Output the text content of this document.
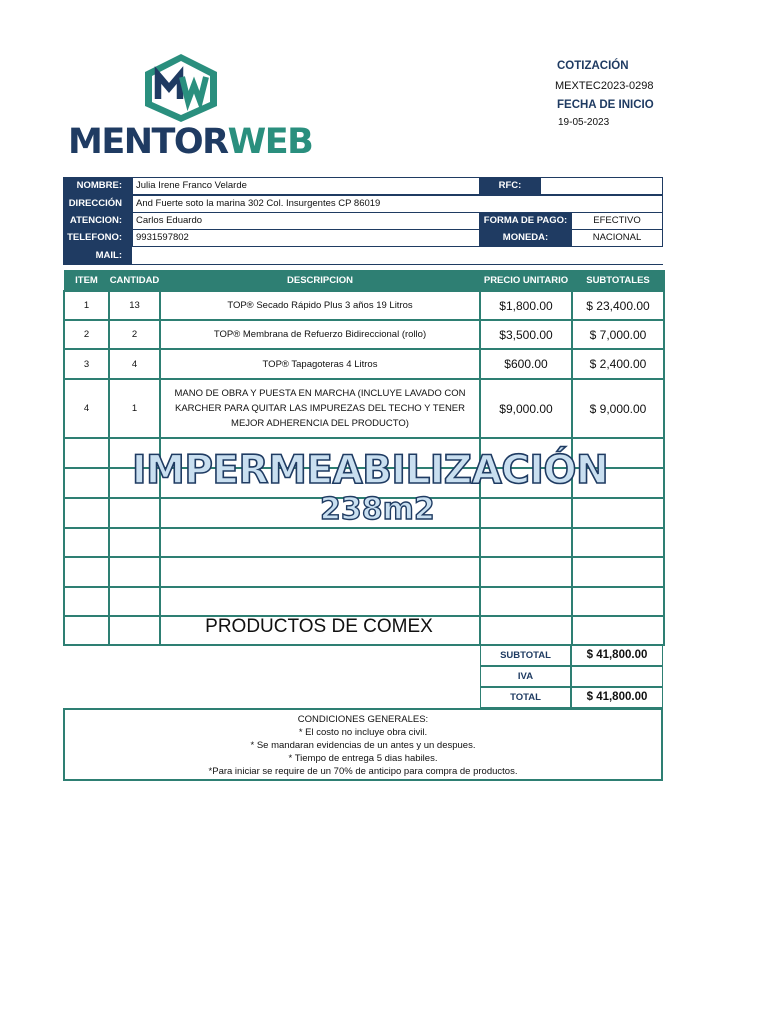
MENTORWEB
COTIZACIÓN
MEXTEC2023-0298
FECHA DE INICIO
19-05-2023
NOMBRE:	Julia Irene Franco Velarde	RFC:
DIRECCIÓN	And Fuerte soto la marina 302 Col. Insurgentes CP 86019
ATENCION:	Carlos Eduardo	FORMA DE PAGO:	EFECTIVO
TELEFONO:	9931597802	MONEDA:	NACIONAL
MAIL:
ITEM	CANTIDAD	DESCRIPCION	PRECIO UNITARIO	SUBTOTALES
1	13	TOP® Secado Rápido Plus 3 años 19 Litros	$1,800.00	$ 23,400.00
2	2	TOP® Membrana de Refuerzo Bidireccional (rollo)	$3,500.00	$ 7,000.00
3	4	TOP® Tapagoteras 4 Litros	$600.00	$ 2,400.00
4	1	MANO DE OBRA Y PUESTA EN MARCHA (INCLUYE LAVADO CON KARCHER PARA QUITAR LAS IMPUREZAS DEL TECHO Y TENER MEJOR ADHERENCIA DEL PRODUCTO)	$9,000.00	$ 9,000.00

IMPERMEABILIZACIÓN
238m2
PRODUCTOS DE COMEX
SUBTOTAL	$ 41,800.00
IVA
TOTAL	$ 41,800.00
CONDICIONES GENERALES:
* El costo no incluye obra civil.
* Se mandaran evidencias de un antes y un despues.
* Tiempo de entrega 5 dias habiles.
*Para iniciar se require de un 70% de anticipo para compra de productos.
